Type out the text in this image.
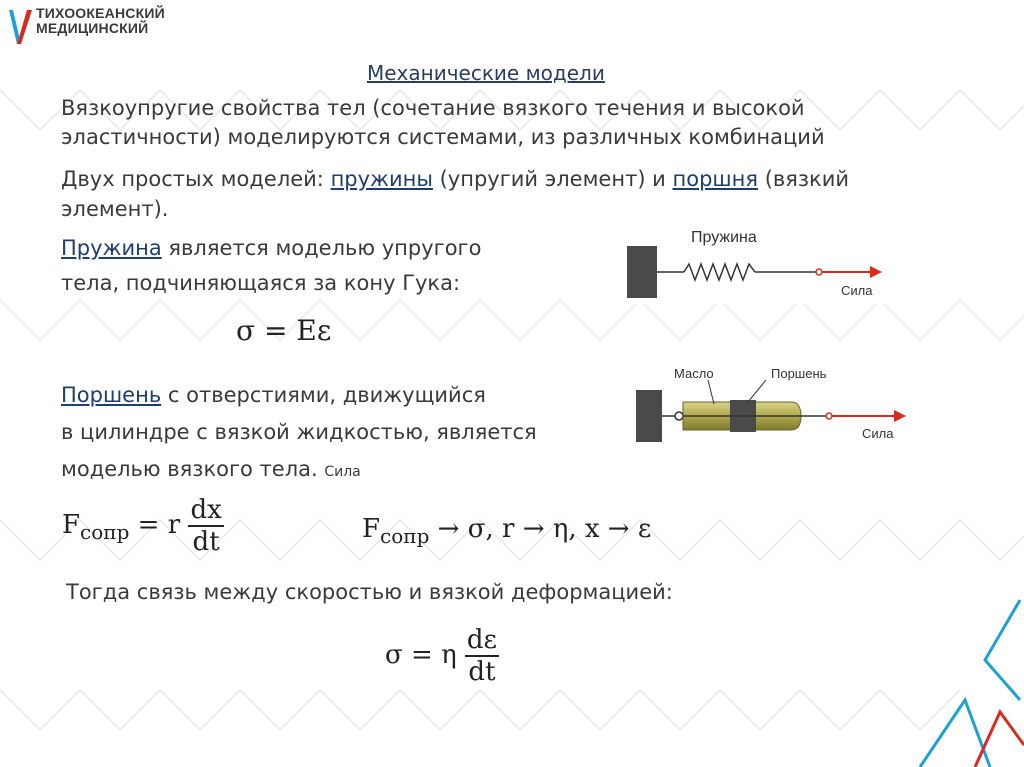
ТИХООКЕАНСКИЙ
МЕДИЦИНСКИЙ
Механические модели
Вязкоупругие свойства тел (сочетание вязкого течения и высокой
эластичности) моделируются системами, из различных комбинаций
Двух простых моделей: пружины (упругий элемент) и поршня (вязкий
элемент).
Пружина является моделью упругого
тела, подчиняющаяся за кону Гука:
σ = Eε
Пружина
Сила
Поршень с отверстиями, движущийся
в цилиндре с вязкой жидкостью, является
моделью вязкого тела. Сила
Масло	Поршень
Сила
$F_{сопр} = r \frac{dx}{dt}$	$F_{сопр} \to \sigma$, r → η, x → ε
Тогда связь между скоростью и вязкой деформацией:
σ = η $\frac{d\varepsilon}{dt}$
